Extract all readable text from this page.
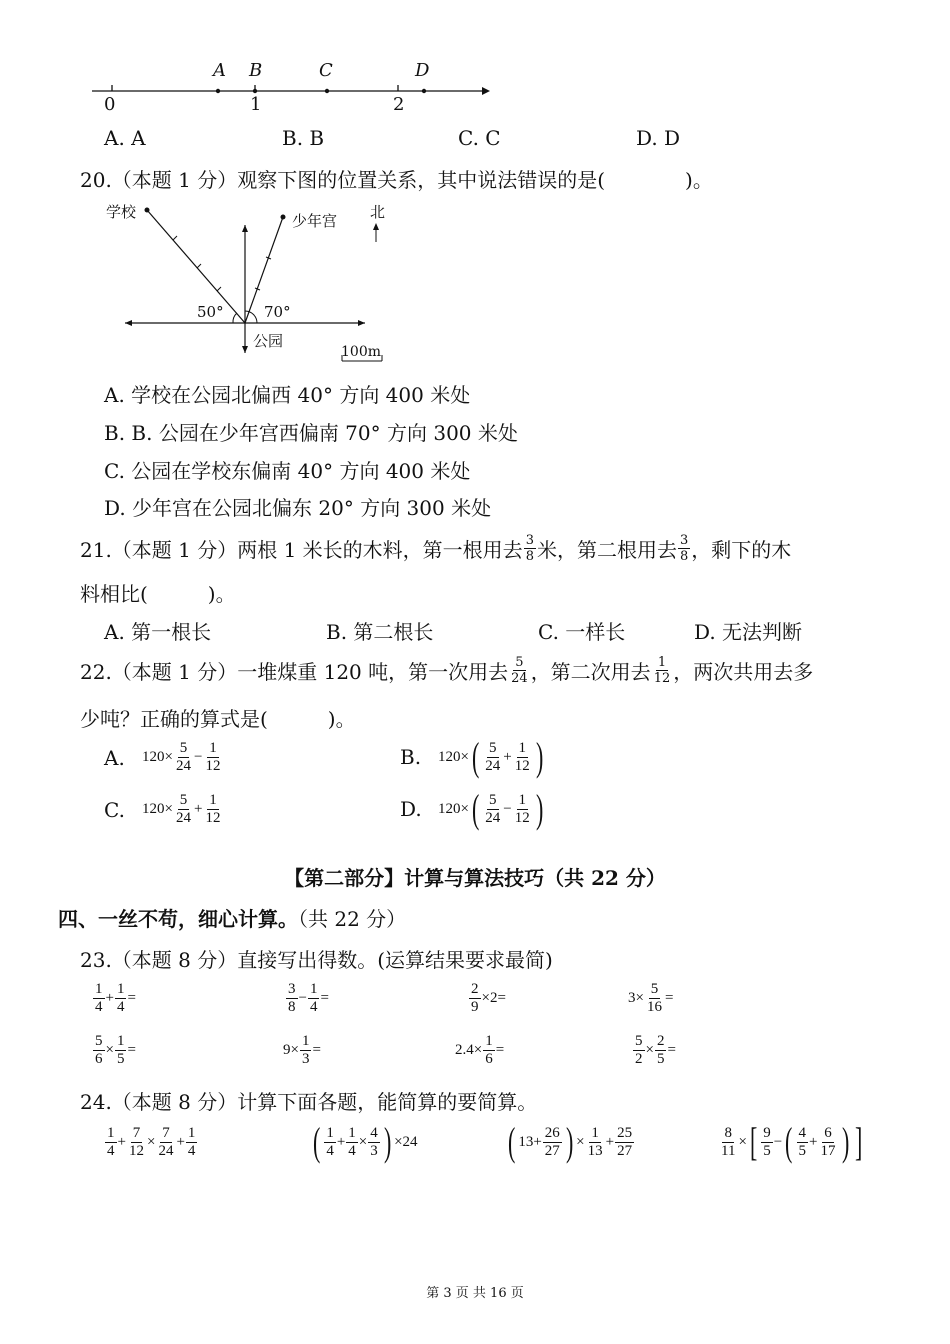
0	1	2
A B	C	D
A. A	B. B	C. C	D. D
20.（本题 1 分）观察下图的位置关系，其中说法错误的是(　　　　)。
学校	少年宫 北
50°	70°
公园
100m
A. 学校在公园北偏西 40° 方向 400 米处
B. B. 公园在少年宫西偏南 70° 方向 300 米处
C. 公园在学校东偏南 40° 方向 400 米处
D. 少年宫在公园北偏东 20° 方向 300 米处
21.（本题 1 分）两根 1 米长的木料，第一根用去 $\frac{3}{8}$ 米，第二根用去 $\frac{3}{8}$ ，剩下的木
料相比(　　　)。
A. 第一根长	B. 第二根长	C. 一样长	D. 无法判断
22.（本题 1 分）一堆煤重 120 吨，第一次用去 $\frac{5}{24}$ ，第二次用去 $\frac{1}{12}$ ，两次共用去多
少吨？正确的算式是(　　　)。
A.	$120 \times \frac{5}{24} - \frac{1}{12}$	B.	120 × ( $\frac{5}{24} + \frac{1}{12}$ )
C.	$120 \times \frac{5}{24} + \frac{1}{12}$	D.	120 × ( $\frac{5}{24} - \frac{1}{12}$ )
【第二部分】计算与算法技巧（共 22 分）
四、一丝不苟，细心计算。（共 22 分）
23.（本题 8 分）直接写出得数。(运算结果要求最简)
$\frac{1}{4} + \frac{1}{4}$ =	$\frac{3}{8} - \frac{1}{4}$ =	$\frac{2}{9} \times 2$ =	$3\times \frac{5}{16}$ =
$\frac{5}{6} \times \frac{1}{5}$ =	$9\times \frac{1}{3}$ =	$2.4\times \frac{1}{6}$ =	$\frac{5}{2} \times \frac{2}{5}$ =
24.（本题 8 分）计算下面各题，能简算的要简算。
$\frac{1}{4} + \frac{7}{12} \times \frac{7}{24} + \frac{1}{4}$	( $\frac{1}{4} + \frac{1}{4} \times \frac{4}{3}$ ) ×24 ( $13+ \frac{26}{27}$ ) × $\frac{1}{13} + \frac{25}{27}$	$\frac{8}{11}$ × [ $\frac{9}{5}$ − ( $\frac{4}{5} + \frac{6}{17}$ ) ]
第 3 页 共 16 页
